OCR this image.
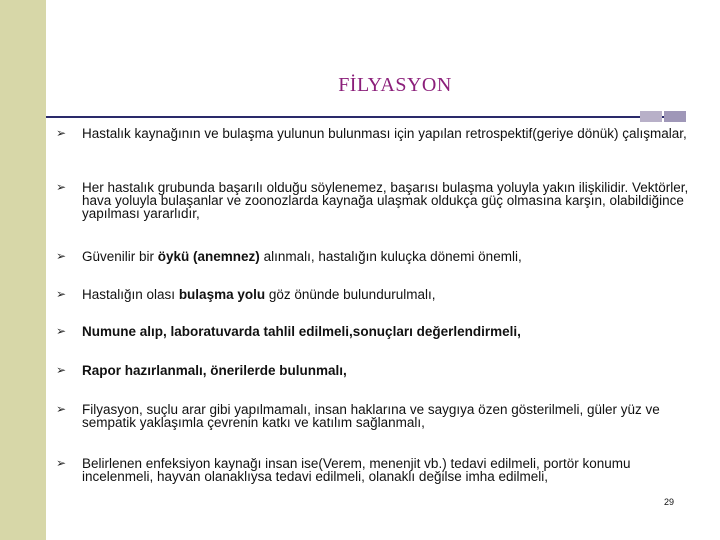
FİLYASYON
➢ Hastalık kaynağının ve bulaşma yulunun bulunması için yapılan retrospektif(geriye dönük) çalışmalar,
➢ Her hastalık grubunda başarılı olduğu söylenemez, başarısı bulaşma yoluyla yakın ilişkilidir. Vektörler, hava yoluyla bulaşanlar ve zoonozlarda kaynağa ulaşmak oldukça güç olmasına karşın, olabildiğince yapılması yararlıdır,
➢ Güvenilir bir öykü (anemnez) alınmalı, hastalığın kuluçka dönemi önemli,
➢ Hastalığın olası bulaşma yolu göz önünde bulundurulmalı,
➢ Numune alıp, laboratuvarda tahlil edilmeli,sonuçları değerlendirmeli,
➢ Rapor hazırlanmalı, önerilerde bulunmalı,
➢ Filyasyon, suçlu arar gibi yapılmamalı, insan haklarına ve saygıya özen gösterilmeli, güler yüz ve sempatik yaklaşımla çevrenin katkı ve katılım sağlanmalı,
➢ Belirlenen enfeksiyon kaynağı insan ise(Verem, menenjit vb.) tedavi edilmeli, portör konumu incelenmeli, hayvan olanaklıysa tedavi edilmeli, olanaklı değilse imha edilmeli,
29
